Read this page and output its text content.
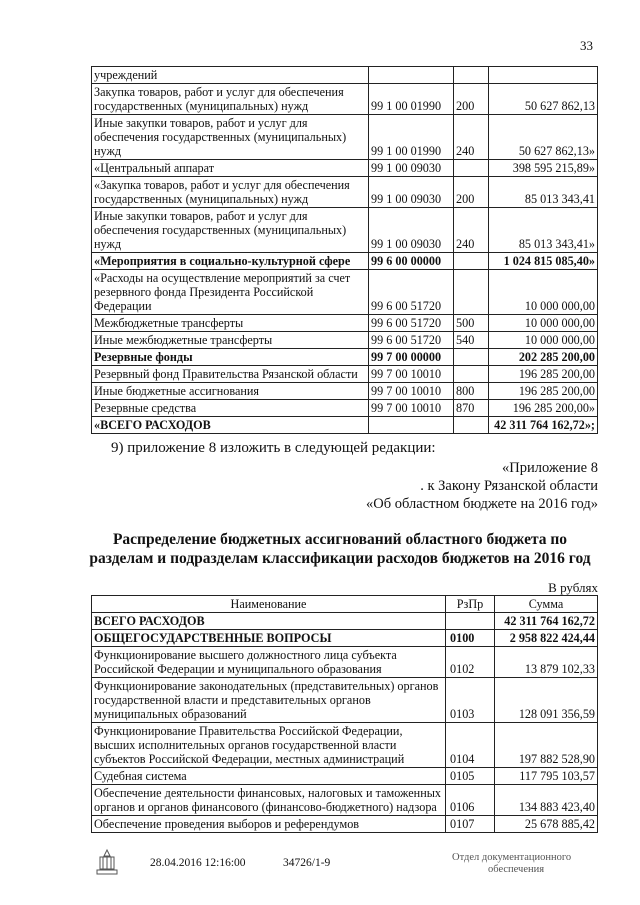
33
учреждений			
Закупка товаров, работ и услуг для обеспечения государственных (муниципальных) нужд	99 1 00 01990	200	50 627 862,13
Иные закупки товаров, работ и услуг для обеспечения государственных (муниципальных) нужд	99 1 00 01990	240	50 627 862,13»
«Центральный аппарат	99 1 00 09030		398 595 215,89»
«Закупка товаров, работ и услуг для обеспечения государственных (муниципальных) нужд	99 1 00 09030	200	85 013 343,41
Иные закупки товаров, работ и услуг для обеспечения государственных (муниципальных) нужд	99 1 00 09030	240	85 013 343,41»
«Мероприятия в социально-культурной сфере	99 6 00 00000		1 024 815 085,40»
«Расходы на осуществление мероприятий за счет резервного фонда Президента Российской Федерации	99 6 00 51720		10 000 000,00
Межбюджетные трансферты	99 6 00 51720	500	10 000 000,00
Иные межбюджетные трансферты	99 6 00 51720	540	10 000 000,00
Резервные фонды	99 7 00 00000		202 285 200,00
Резервный фонд Правительства Рязанской области	99 7 00 10010		196 285 200,00
Иные бюджетные ассигнования	99 7 00 10010	800	196 285 200,00
Резервные средства	99 7 00 10010	870	196 285 200,00»
«ВСЕГО РАСХОДОВ			42 311 764 162,72»;
9) приложение 8 изложить в следующей редакции:
«Приложение 8
. к Закону Рязанской области
«Об областном бюджете на 2016 год»
Распределение бюджетных ассигнований областного бюджета по
разделам и подразделам классификации расходов бюджетов на 2016 год
В рублях
Наименование	РзПр	Сумма
ВСЕГО РАСХОДОВ		42 311 764 162,72
ОБЩЕГОСУДАРСТВЕННЫЕ ВОПРОСЫ	0100	2 958 822 424,44
Функционирование высшего должностного лица субъекта Российской Федерации и муниципального образования	0102	13 879 102,33
Функционирование законодательных (представительных) органов государственной власти и представительных органов муниципальных образований	0103	128 091 356,59
Функционирование Правительства Российской Федерации, высших исполнительных органов государственной власти субъектов Российской Федерации, местных администраций	0104	197 882 528,90
Судебная система	0105	117 795 103,57
Обеспечение деятельности финансовых, налоговых и таможенных органов и органов финансового (финансово-бюджетного) надзора	0106	134 883 423,40
Обеспечение проведения выборов и референдумов	0107	25 678 885,42
28.04.2016 12:16:00	34726/1-9	Отдел документационного
обеспечения
